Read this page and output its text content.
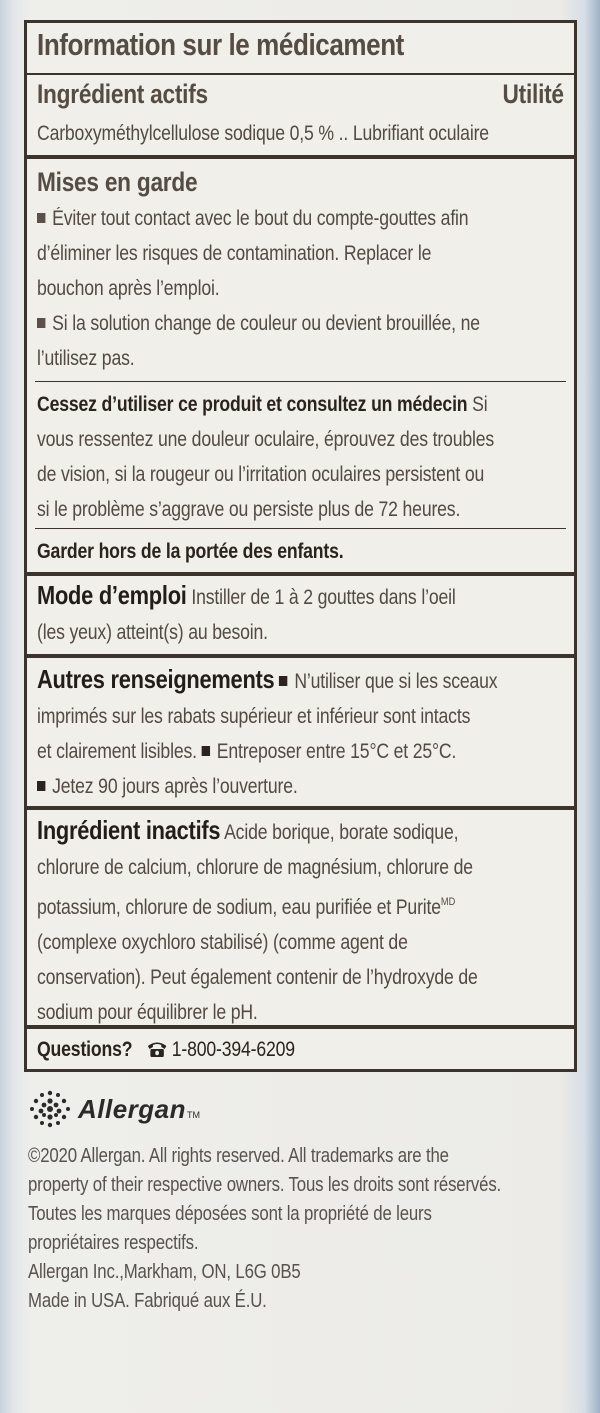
Information sur le médicament
Ingrédient actifs	Utilité
Carboxyméthylcellulose sodique 0,5 % .. Lubrifiant oculaire
Mises en garde
Éviter tout contact avec le bout du compte-gouttes afin
d’éliminer les risques de contamination. Replacer le
bouchon après l’emploi.
Si la solution change de couleur ou devient brouillée, ne
l’utilisez pas.
Cessez d’utiliser ce produit et consultez un médecin Si
vous ressentez une douleur oculaire, éprouvez des troubles
de vision, si la rougeur ou l’irritation oculaires persistent ou
si le problème s’aggrave ou persiste plus de 72 heures.
Garder hors de la portée des enfants.
Mode d’emploi Instiller de 1 à 2 gouttes dans l’oeil
(les yeux) atteint(s) au besoin.
Autres renseignements N’utiliser que si les sceaux
imprimés sur les rabats supérieur et inférieur sont intacts
et clairement lisibles. Entreposer entre 15°C et 25°C.
Jetez 90 jours après l’ouverture.
Ingrédient inactifs Acide borique, borate sodique,
chlorure de calcium, chlorure de magnésium, chlorure de
potassium, chlorure de sodium, eau purifiée et Purite$^{MD}$
(complexe oxychloro stabilisé) (comme agent de
conservation). Peut également contenir de l’hydroxyde de
sodium pour équilibrer le pH.
Questions? 1-800-394-6209
Allergan TM
©2020 Allergan. All rights reserved. All trademarks are the
property of their respective owners. Tous les droits sont réservés.
Toutes les marques déposées sont la propriété de leurs
propriétaires respectifs.
Allergan Inc.,Markham, ON, L6G 0B5
Made in USA. Fabriqué aux É.U.
